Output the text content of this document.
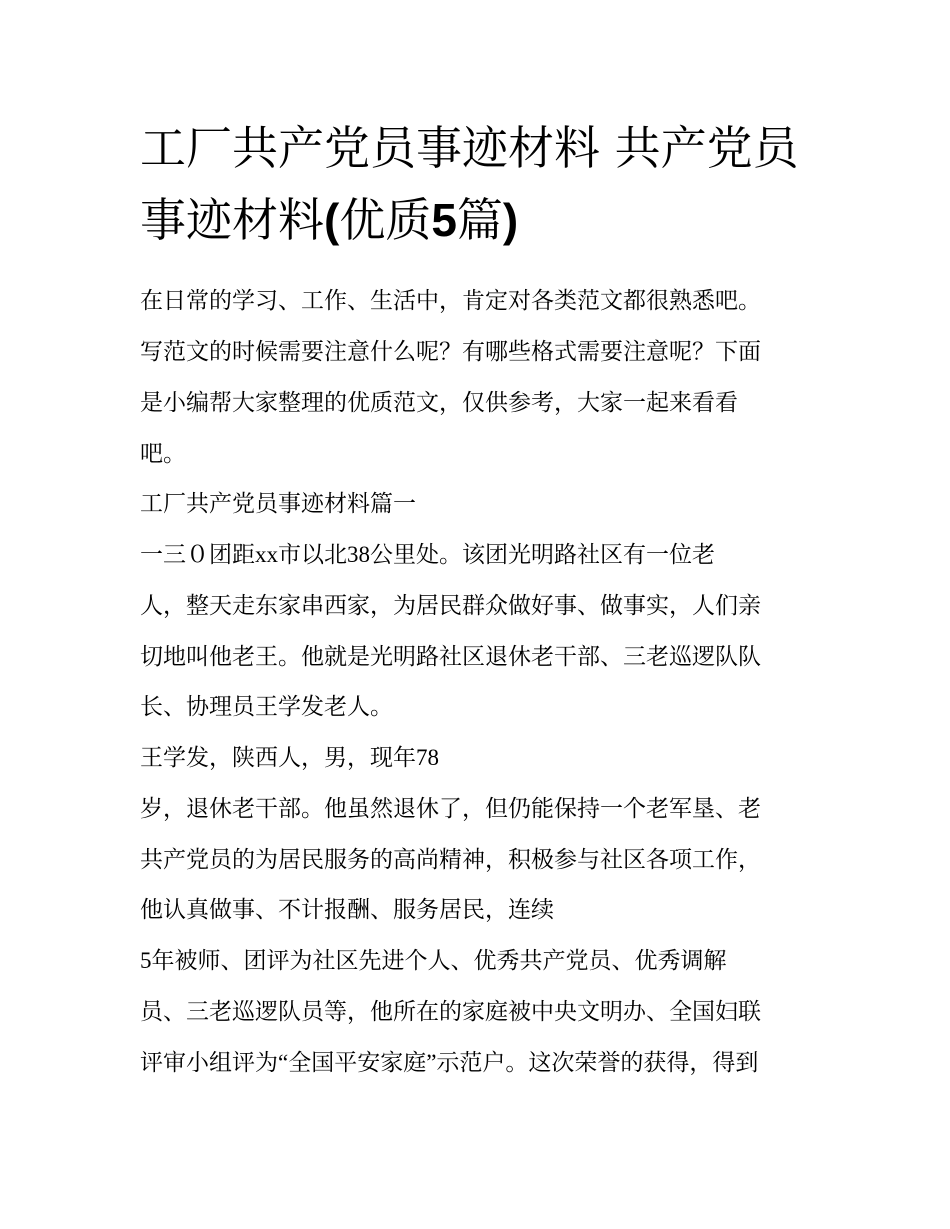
工厂共产党员事迹材料 共产党员事迹材料(优质5篇)

在日常的学习、工作、生活中，肯定对各类范文都很熟悉吧。

写范文的时候需要注意什么呢？有哪些格式需要注意呢？下面

是小编帮大家整理的优质范文，仅供参考，大家一起来看看

吧。

工厂共产党员事迹材料篇一

一三０团距xx市以北38公里处。该团光明路社区有一位老

人，整天走东家串西家，为居民群众做好事、做事实，人们亲

切地叫他老王。他就是光明路社区退休老干部、三老巡逻队队

长、协理员王学发老人。

王学发，陕西人，男，现年78

岁，退休老干部。他虽然退休了，但仍能保持一个老军垦、老

共产党员的为居民服务的高尚精神，积极参与社区各项工作，

他认真做事、不计报酬、服务居民，连续

5年被师、团评为社区先进个人、优秀共产党员、优秀调解

员、三老巡逻队员等，他所在的家庭被中央文明办、全国妇联

评审小组评为“全国平安家庭”示范户。这次荣誉的获得，得到
